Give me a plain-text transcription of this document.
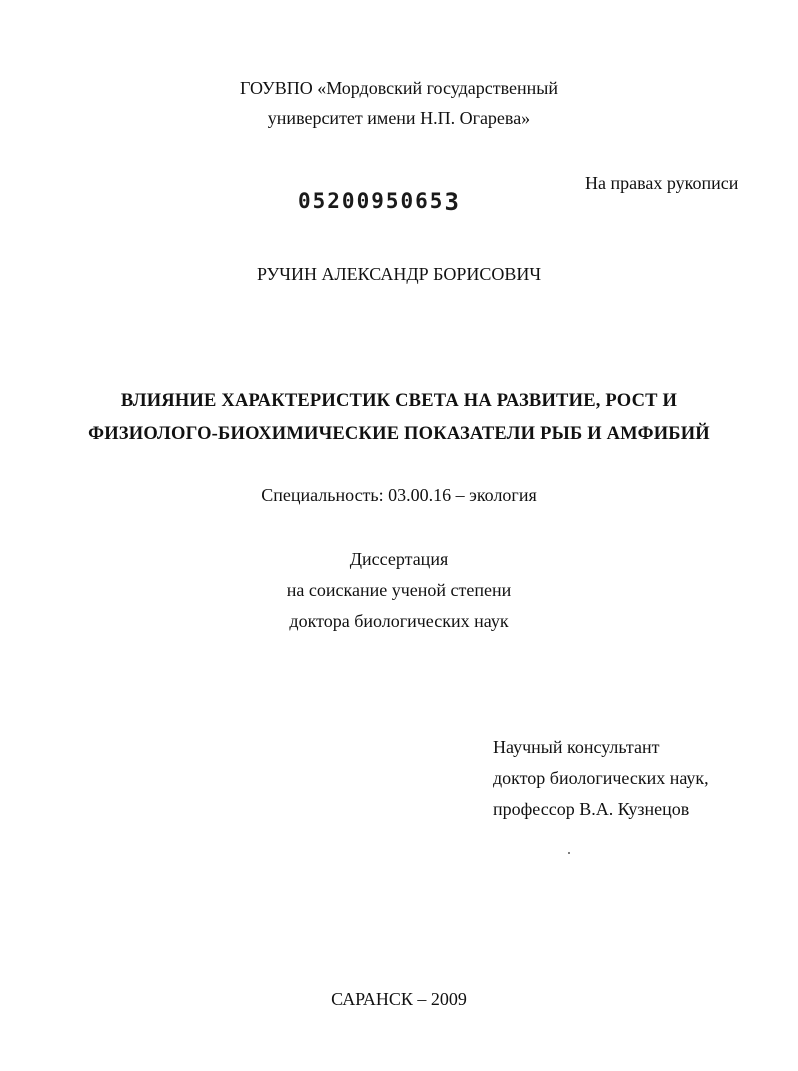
ГОУВПО «Мордовский государственный
университет имени Н.П. Огарева»
05200950653
На правах рукописи
РУЧИН АЛЕКСАНДР БОРИСОВИЧ
ВЛИЯНИЕ ХАРАКТЕРИСТИК СВЕТА НА РАЗВИТИЕ, РОСТ И
ФИЗИОЛОГО-БИОХИМИЧЕСКИЕ ПОКАЗАТЕЛИ РЫБ И АМФИБИЙ
Специальность: 03.00.16 – экология
Диссертация
на соискание ученой степени
доктора биологических наук
Научный консультант
доктор биологических наук,
профессор В.А. Кузнецов
САРАНСК – 2009
